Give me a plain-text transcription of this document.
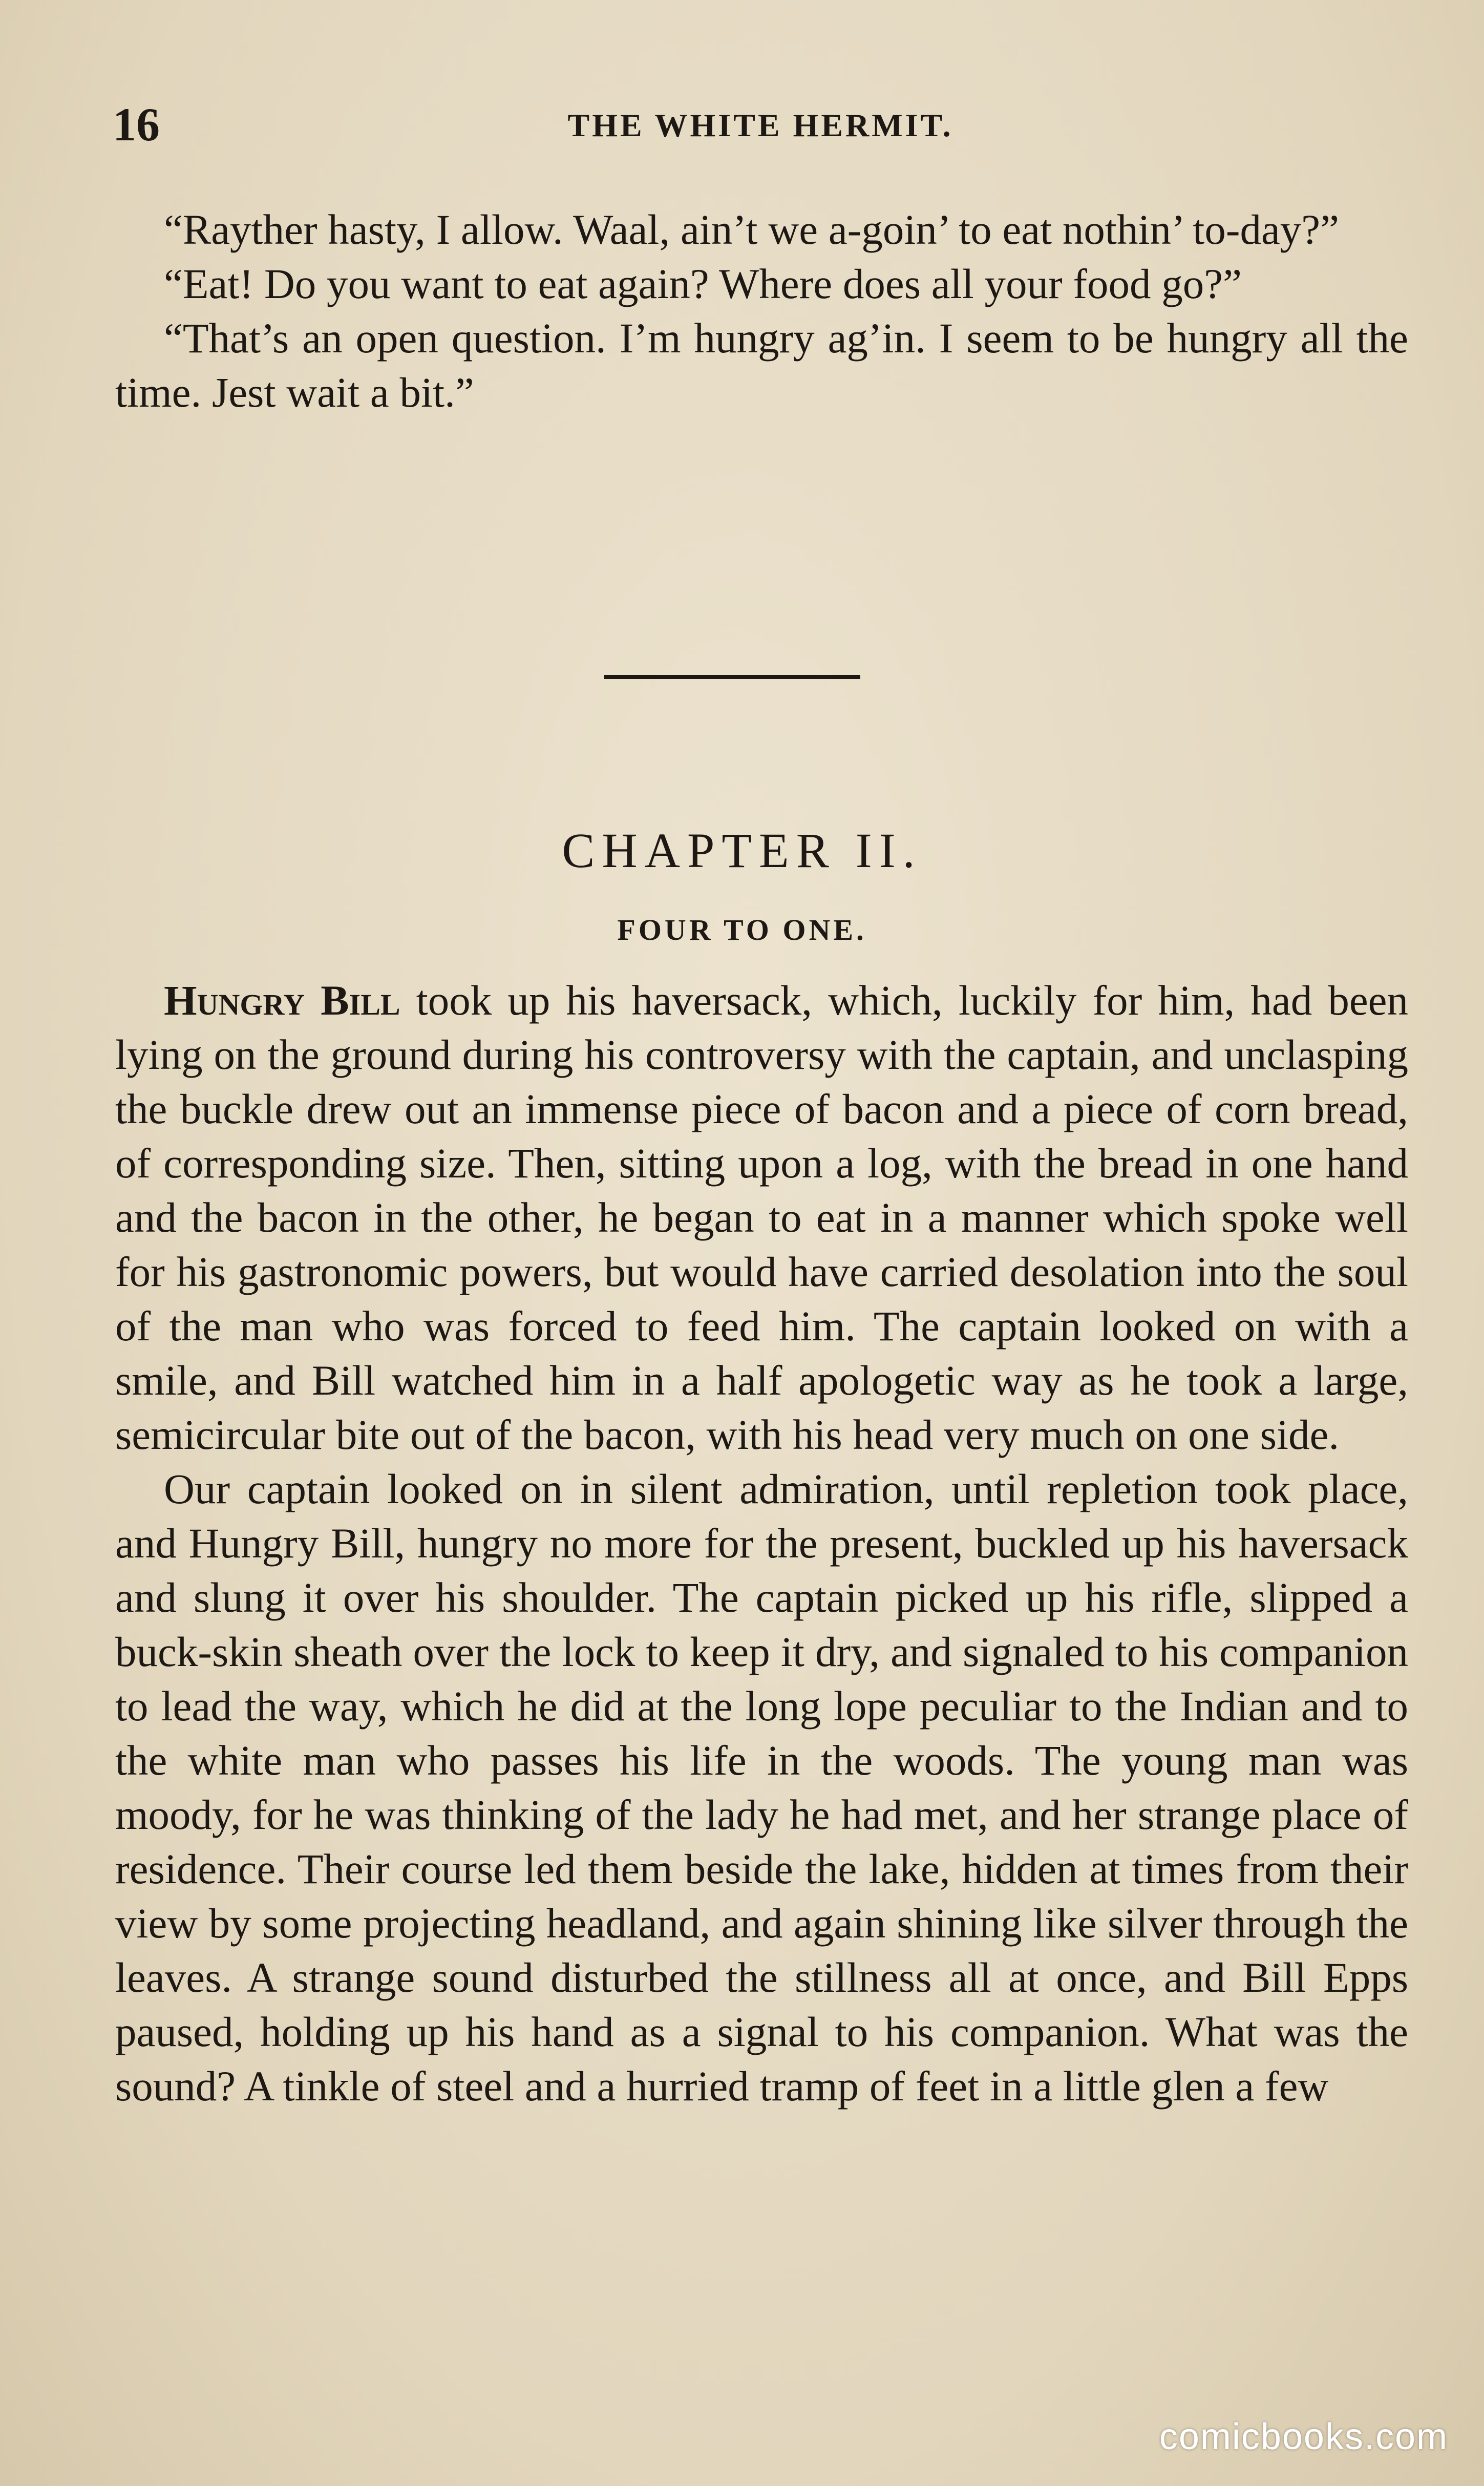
16	THE WHITE HERMIT.

“Rayther hasty, I allow. Waal, ain’t we a-goin’ to eat nothin’ to-day?”

“Eat! Do you want to eat again? Where does all your food go?”

“That’s an open question. I’m hungry ag’in. I seem to be hungry all the time. Jest wait a bit.”

CHAPTER II.
FOUR TO ONE.

Hungry Bill took up his haversack, which, luckily for him, had been lying on the ground during his controversy with the captain, and unclasping the buckle drew out an immense piece of bacon and a piece of corn bread, of corresponding size. Then, sitting upon a log, with the bread in one hand and the bacon in the other, he began to eat in a manner which spoke well for his gastronomic powers, but would have carried desolation into the soul of the man who was forced to feed him. The captain looked on with a smile, and Bill watched him in a half apologetic way as he took a large, semicircular bite out of the bacon, with his head very much on one side.

Our captain looked on in silent admiration, until repletion took place, and Hungry Bill, hungry no more for the present, buckled up his haversack and slung it over his shoulder. The captain picked up his rifle, slipped a buck-skin sheath over the lock to keep it dry, and signaled to his companion to lead the way, which he did at the long lope peculiar to the Indian and to the white man who passes his life in the woods. The young man was moody, for he was thinking of the lady he had met, and her strange place of residence. Their course led them beside the lake, hidden at times from their view by some projecting headland, and again shining like silver through the leaves. A strange sound disturbed the stillness all at once, and Bill Epps paused, holding up his hand as a signal to his companion. What was the sound? A tinkle of steel and a hurried tramp of feet in a little glen a few

comicbooks.com
